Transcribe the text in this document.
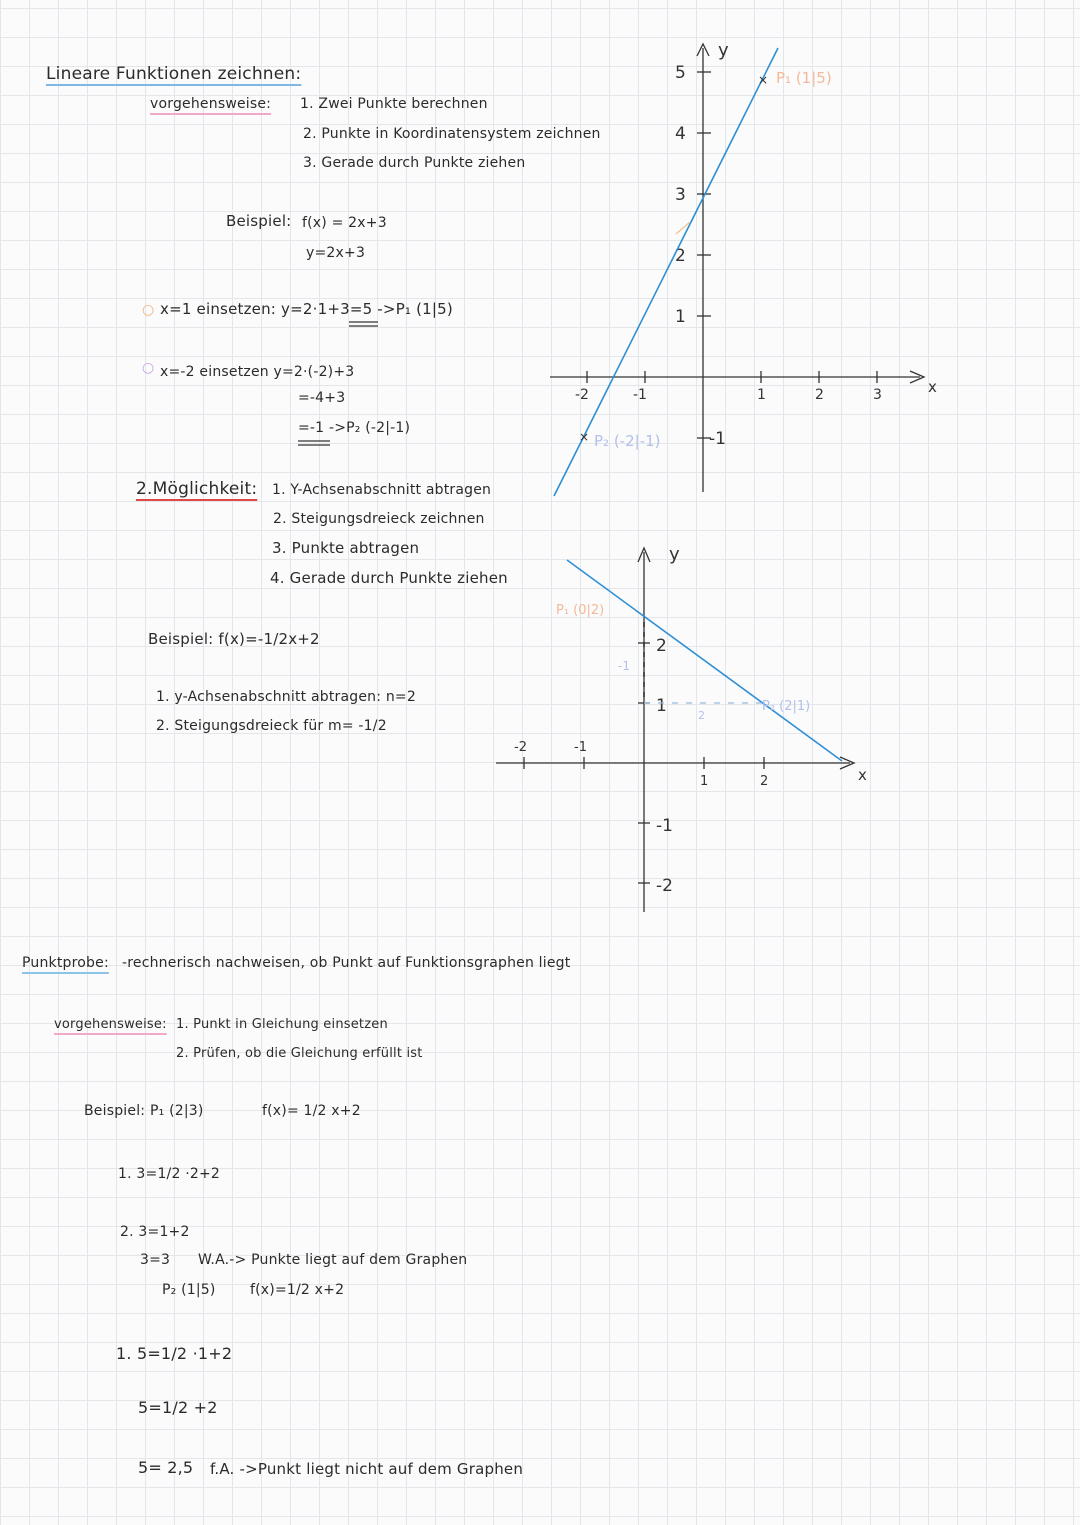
Lineare Funktionen zeichnen:
vorgehensweise: 1. Zwei Punkte berechnen
2. Punkte in Koordinatensystem zeichnen
3. Gerade durch Punkte ziehen
Beispiel: f(x) = 2x+3
y=2x+3
○ x=1 einsetzen: y=2·1+3=5 ->P₁ (1|5)
○ x=-2 einsetzen y=2·(-2)+3
=-4+3
=-1 ->P₂ (-2|-1)
2.Möglichkeit: 1. Y-Achsenabschnitt abtragen
2. Steigungsdreieck zeichnen
3. Punkte abtragen
4. Gerade durch Punkte ziehen
Beispiel: f(x)=-1/2x+2
1. y-Achsenabschnitt abtragen: n=2
2. Steigungsdreieck für m= -1/2
Punktprobe: -rechnerisch nachweisen, ob Punkt auf Funktionsgraphen liegt
vorgehensweise: 1. Punkt in Gleichung einsetzen
2. Prüfen, ob die Gleichung erfüllt ist
Beispiel: P₁ (2|3)	f(x)= 1/2 x+2
1. 3=1/2 ·2+2
2. 3=1+2
3=3 W.A.-> Punkte liegt auf dem Graphen
P₂ (1|5) f(x)=1/2 x+2
1. 5=1/2 ·1+2
5=1/2 +2
5= 2,5 f.A. ->Punkt liegt nicht auf dem Graphen
5
4
3
2
1
-1
-2	-1	1	2	3
×
×
y
x
P₁ (1|5)
P₂ (-2|-1)
2
1
-1
-2
-2	-1
1	2
y
x
P₁ (0|2)
P₂ (2|1)
-1
2
